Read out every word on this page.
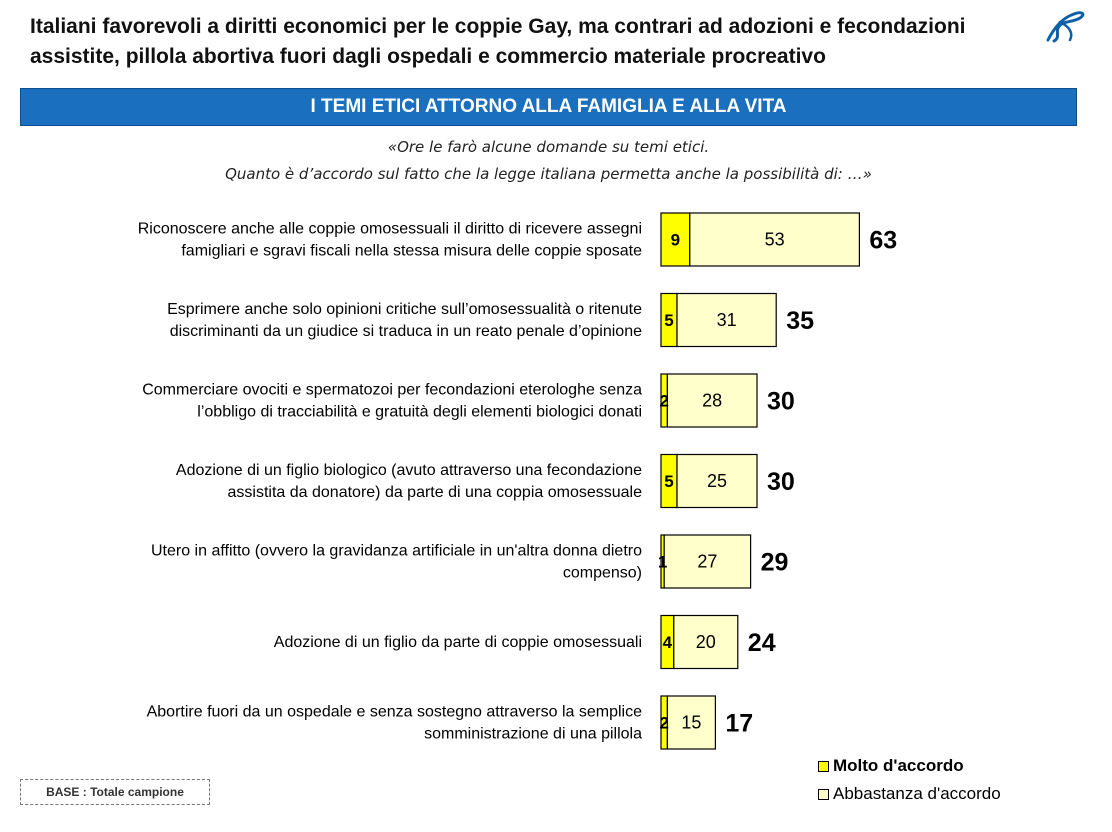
Italiani favorevoli a diritti economici per le coppie Gay, ma contrari ad adozioni e fecondazioni
assistite, pillola abortiva fuori dagli ospedali e commercio materiale procreativo
I TEMI ETICI ATTORNO ALLA FAMIGLIA E ALLA VITA
«Ore le farò alcune domande su temi etici.
Quanto è d’accordo sul fatto che la legge italiana permetta anche la possibilità di: …»
Riconoscere anche alle coppie omosessuali il diritto di ricevere assegni famigliari e sgravi fiscali nella stessa misura delle coppie sposate
9	53	63
Esprimere anche solo opinioni critiche sull’omosessualità o ritenute discriminanti da un giudice si traduca in un reato penale d’opinione
5 31 35
Commerciare ovociti e spermatozoi per fecondazioni eterologhe senza l’obbligo di tracciabilità e gratuità degli elementi biologici donati
2 28 30
Adozione di un figlio biologico (avuto attraverso una fecondazione assistita da donatore) da parte di una coppia omosessuale
5 25 30
Utero in affitto (ovvero la gravidanza artificiale in un'altra donna dietro compenso)
1 27 29
Adozione di un figlio da parte di coppie omosessuali 4 20 24
Abortire fuori da un ospedale e senza sostegno attraverso la semplice somministrazione di una pillola
2 15 17
BASE : Totale campione
Molto d'accordo
Abbastanza d'accordo
